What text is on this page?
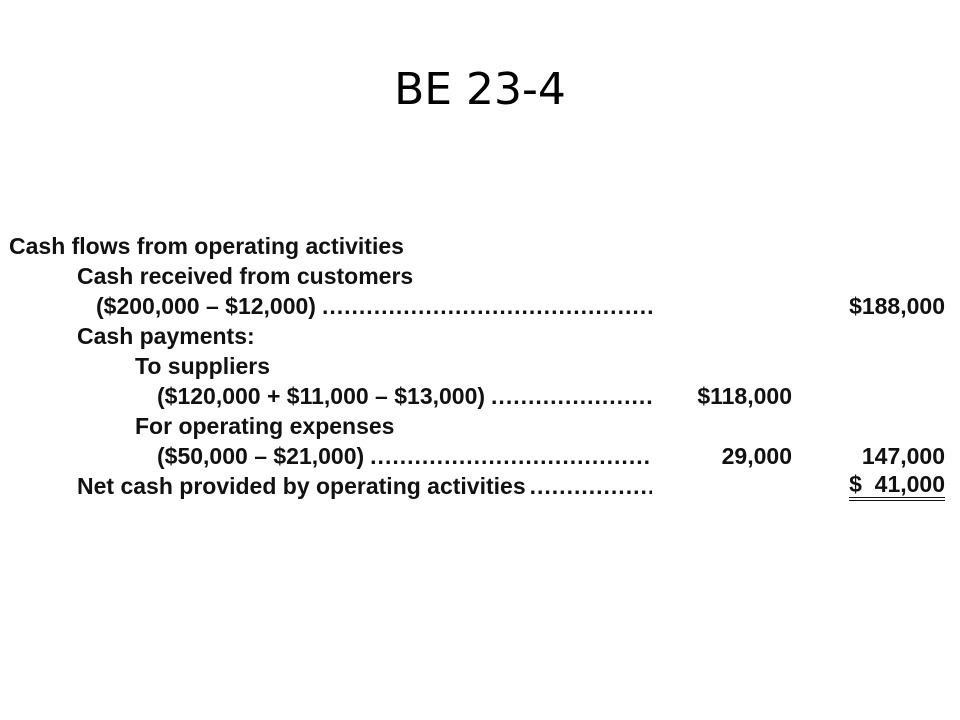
BE 23-4
Cash flows from operating activities
Cash received from customers
($200,000 – $12,000) .....	$188,000
Cash payments:
To suppliers
($120,000 + $11,000 – $13,000) .....	$118,000
For operating expenses
($50,000 – $21,000) .....	29,000	147,000
Net cash provided by operating activities .....	$  41,000
